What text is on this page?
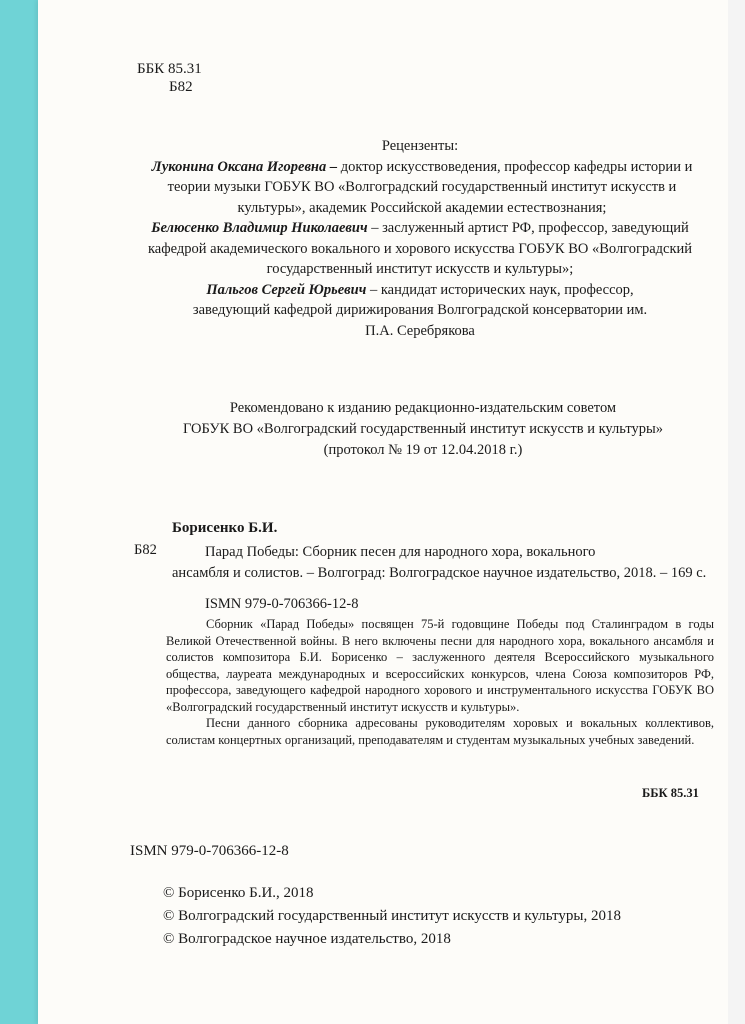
ББК 85.31
Б82
Рецензенты:
Луконина Оксана Игоревна – доктор искусствоведения, профессор кафедры истории и теории музыки ГОБУК ВО «Волгоградский государственный институт искусств и культуры», академик Российской академии естествознания;
Белюсенко Владимир Николаевич – заслуженный артист РФ, профессор, заведующий кафедрой академического вокального и хорового искусства ГОБУК ВО «Волгоградский государственный институт искусств и культуры»;
Пальгов Сергей Юрьевич – кандидат исторических наук, профессор, заведующий кафедрой дирижирования Волгоградской консерватории им. П.А. Серебрякова
Рекомендовано к изданию редакционно-издательским советом
ГОБУК ВО «Волгоградский государственный институт искусств и культуры»
(протокол № 19 от 12.04.2018 г.)
Борисенко Б.И.
Б82	Парад Победы: Сборник песен для народного хора, вокального
ансамбля и солистов. – Волгоград: Волгоградское научное издательство, 2018. – 169 с.
ISMN 979-0-706366-12-8

Сборник «Парад Победы» посвящен 75-й годовщине Победы под Сталинградом в годы Великой Отечественной войны. В него включены песни для народного хора, вокального ансамбля и солистов композитора Б.И. Борисенко – заслуженного деятеля Всероссийского музыкального общества, лауреата международных и всероссийских конкурсов, члена Союза композиторов РФ, профессора, заведующего кафедрой народного хорового и инструментального искусства ГОБУК ВО «Волгоградский государственный институт искусств и культуры».

Песни данного сборника адресованы руководителям хоровых и вокальных коллективов, солистам концертных организаций, преподавателям и студентам музыкальных учебных заведений.

ББК 85.31
ISMN 979-0-706366-12-8
© Борисенко Б.И., 2018
© Волгоградский государственный институт искусств и культуры, 2018
© Волгоградское научное издательство, 2018
